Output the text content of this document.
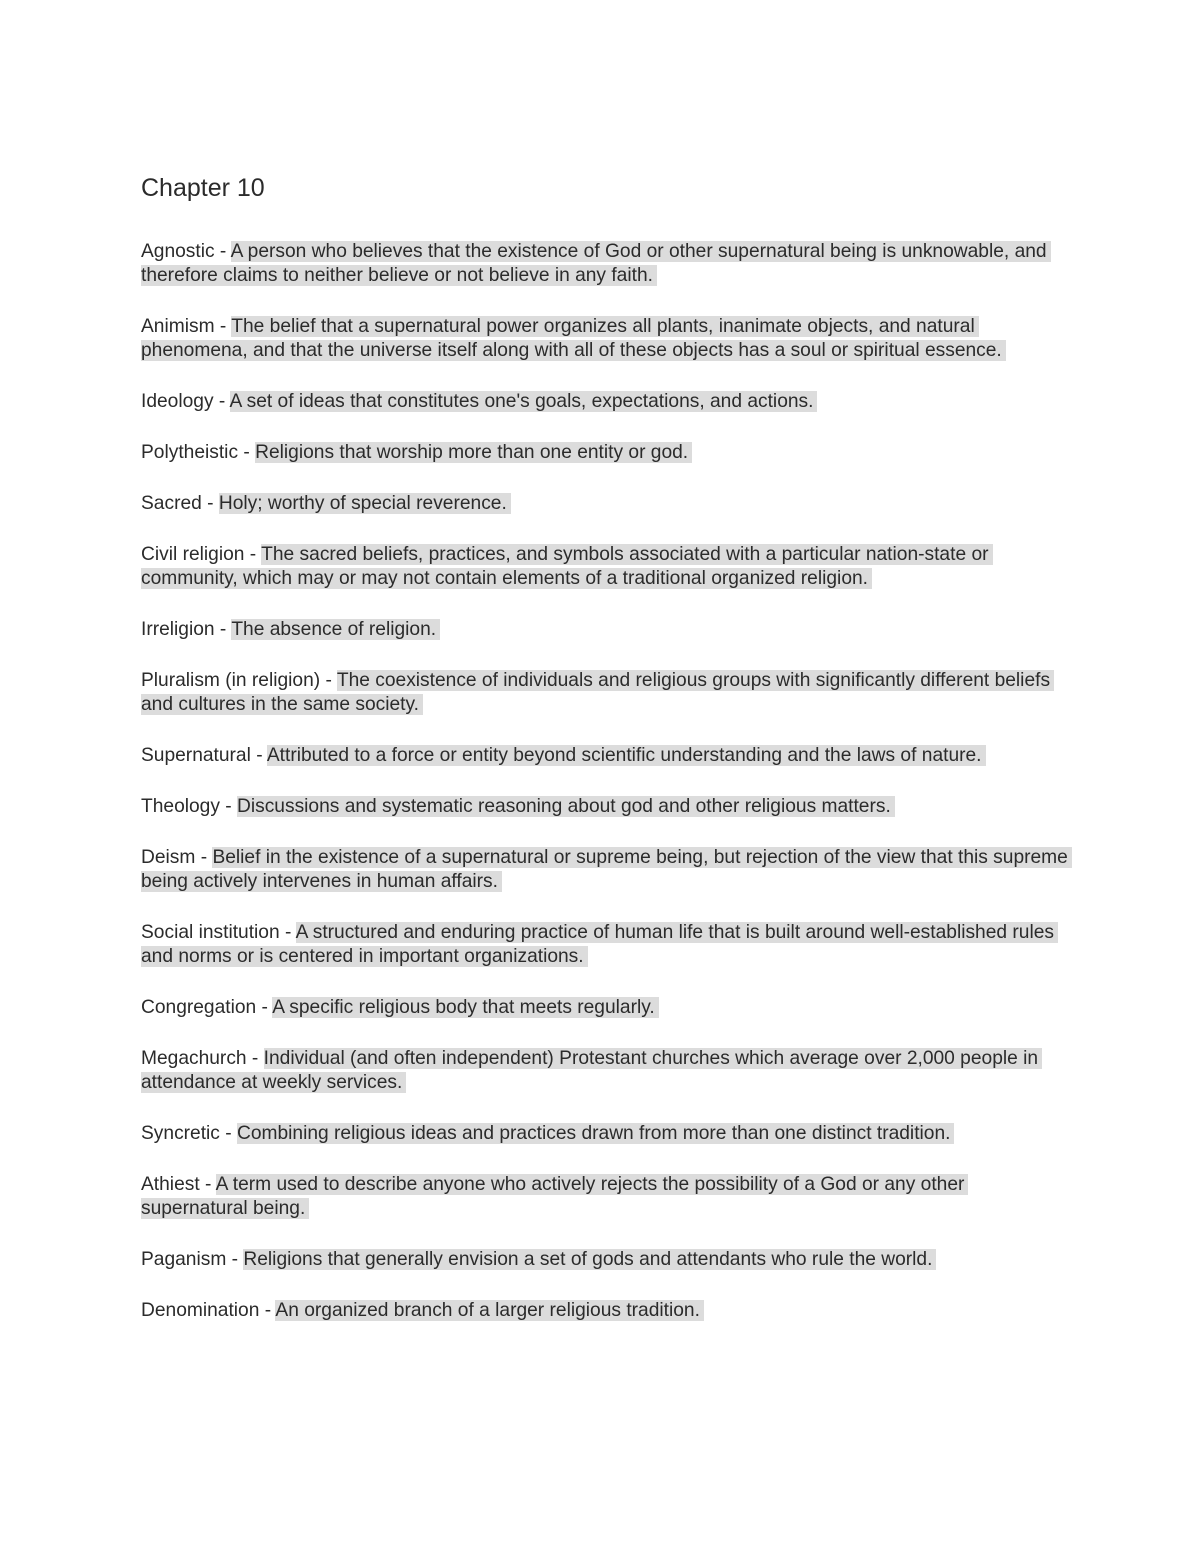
Chapter 10
Agnostic - A person who believes that the existence of God or other supernatural being is unknowable, and therefore claims to neither believe or not believe in any faith.
Animism - The belief that a supernatural power organizes all plants, inanimate objects, and natural phenomena, and that the universe itself along with all of these objects has a soul or spiritual essence.
Ideology - A set of ideas that constitutes one's goals, expectations, and actions.
Polytheistic - Religions that worship more than one entity or god.
Sacred - Holy; worthy of special reverence.
Civil religion - The sacred beliefs, practices, and symbols associated with a particular nation-state or community, which may or may not contain elements of a traditional organized religion.
Irreligion - The absence of religion.
Pluralism (in religion) - The coexistence of individuals and religious groups with significantly different beliefs and cultures in the same society.
Supernatural - Attributed to a force or entity beyond scientific understanding and the laws of nature.
Theology - Discussions and systematic reasoning about god and other religious matters.
Deism - Belief in the existence of a supernatural or supreme being, but rejection of the view that this supreme being actively intervenes in human affairs.
Social institution - A structured and enduring practice of human life that is built around well-established rules and norms or is centered in important organizations.
Congregation - A specific religious body that meets regularly.
Megachurch - Individual (and often independent) Protestant churches which average over 2,000 people in attendance at weekly services.
Syncretic - Combining religious ideas and practices drawn from more than one distinct tradition.
Athiest - A term used to describe anyone who actively rejects the possibility of a God or any other supernatural being.
Paganism - Religions that generally envision a set of gods and attendants who rule the world.
Denomination - An organized branch of a larger religious tradition.
